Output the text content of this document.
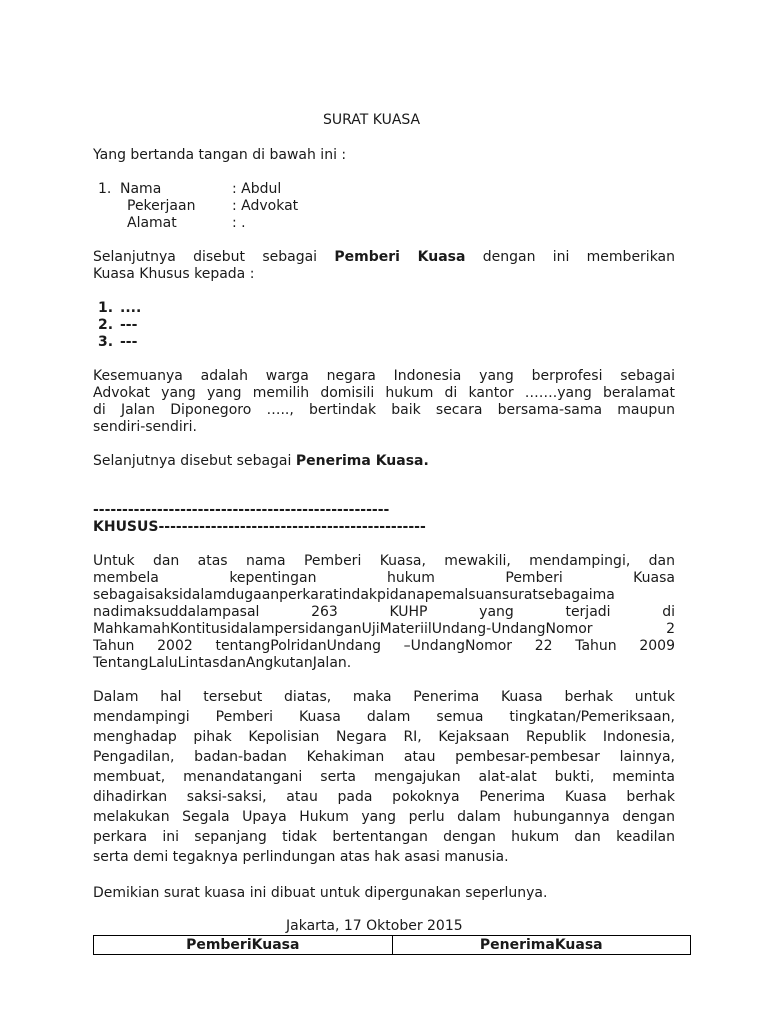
SURAT KUASA
Yang bertanda tangan di bawah ini :
1. Nama	: Abdul
Pekerjaan	: Advokat
Alamat	: .
Selanjutnya disebut sebagai Pemberi Kuasa dengan ini memberikan
Kuasa Khusus kepada :
1. ....
2. ---
3. ---
Kesemuanya adalah warga negara Indonesia yang berprofesi sebagai
Advokat yang yang memilih domisili hukum di kantor …….yang beralamat
di Jalan Diponegoro ….., bertindak baik secara bersama-sama maupun
sendiri-sendiri.
Selanjutnya disebut sebagai Penerima Kuasa.
---------------------------------------------------
KHUSUS----------------------------------------------
Untuk dan atas nama Pemberi Kuasa, mewakili, mendampingi, dan
membela kepentingan hukum Pemberi Kuasa
sebagaisaksidalamdugaanperkaratindakpidanapemalsuansuratsebagaima
nadimaksuddalampasal 263 KUHP yang terjadi di
MahkamahKontitusidalampersidanganUjiMateriilUndang-UndangNomor 2
Tahun 2002 tentangPolridanUndang –UndangNomor 22 Tahun 2009
TentangLaluLintasdanAngkutanJalan.
Dalam hal tersebut diatas, maka Penerima Kuasa berhak untuk
mendampingi Pemberi Kuasa dalam semua tingkatan/Pemeriksaan,
menghadap pihak Kepolisian Negara RI, Kejaksaan Republik Indonesia,
Pengadilan, badan-badan Kehakiman atau pembesar-pembesar lainnya,
membuat, menandatangani serta mengajukan alat-alat bukti, meminta
dihadirkan saksi-saksi, atau pada pokoknya Penerima Kuasa berhak
melakukan Segala Upaya Hukum yang perlu dalam hubungannya dengan
perkara ini sepanjang tidak bertentangan dengan hukum dan keadilan
serta demi tegaknya perlindungan atas hak asasi manusia.
Demikian surat kuasa ini dibuat untuk dipergunakan seperlunya.
Jakarta, 17 Oktober 2015
PemberiKuasa	PenerimaKuasa
